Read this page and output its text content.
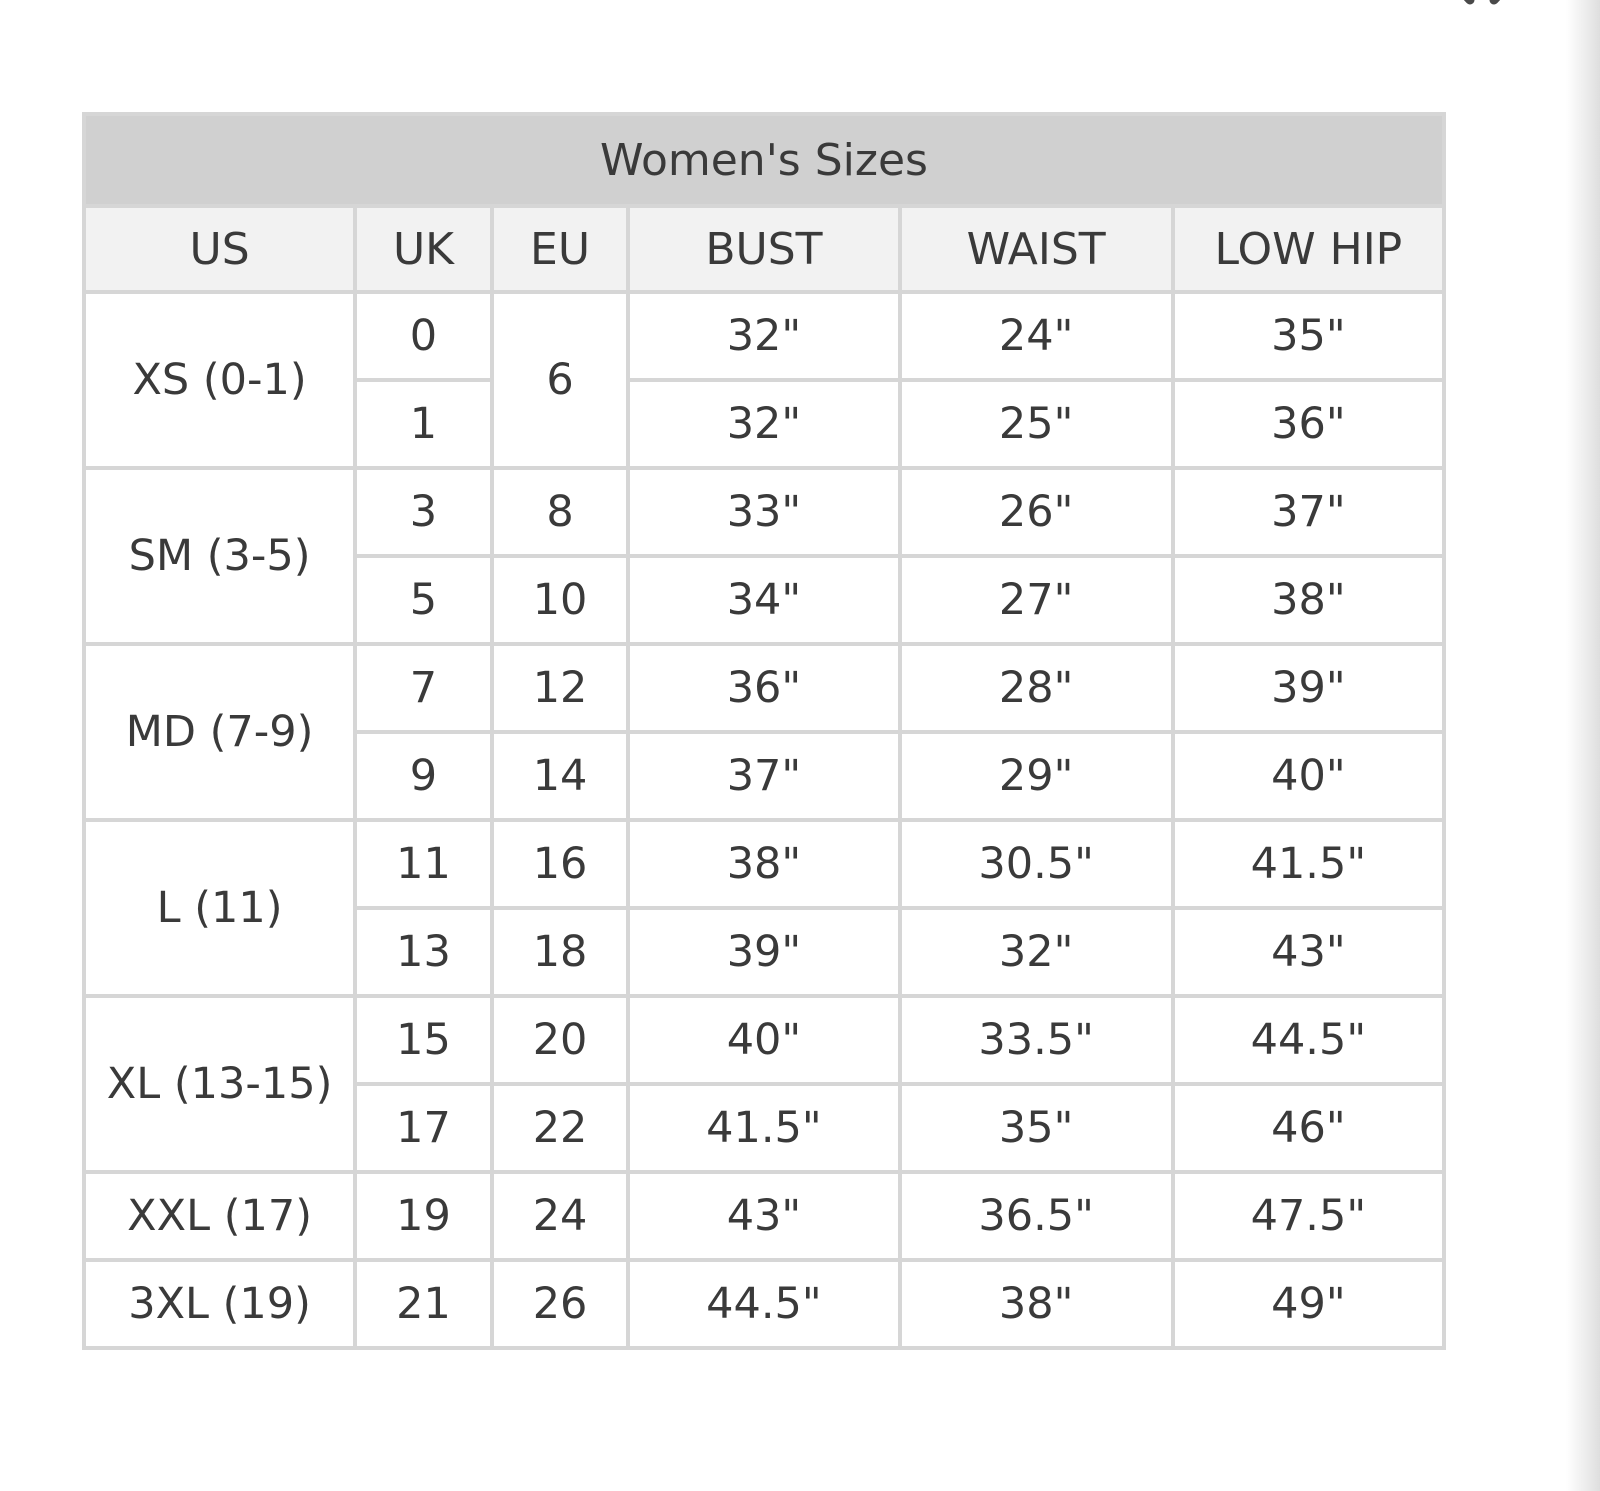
Women's Sizes					
US	UK	EU	BUST	WAIST	LOW HIP
XS (0-1)	0	6	32"	24"	35"
	1		32"	25"	36"
SM (3-5)	3	8	33"	26"	37"
	5	10	34"	27"	38"
MD (7-9)	7	12	36"	28"	39"
	9	14	37"	29"	40"
L (11)	11	16	38"	30.5"	41.5"
	13	18	39"	32"	43"
XL (13-15)	15	20	40"	33.5"	44.5"
	17	22	41.5"	35"	46"
XXL (17)	19	24	43"	36.5"	47.5"
3XL (19)	21	26	44.5"	38"	49"
